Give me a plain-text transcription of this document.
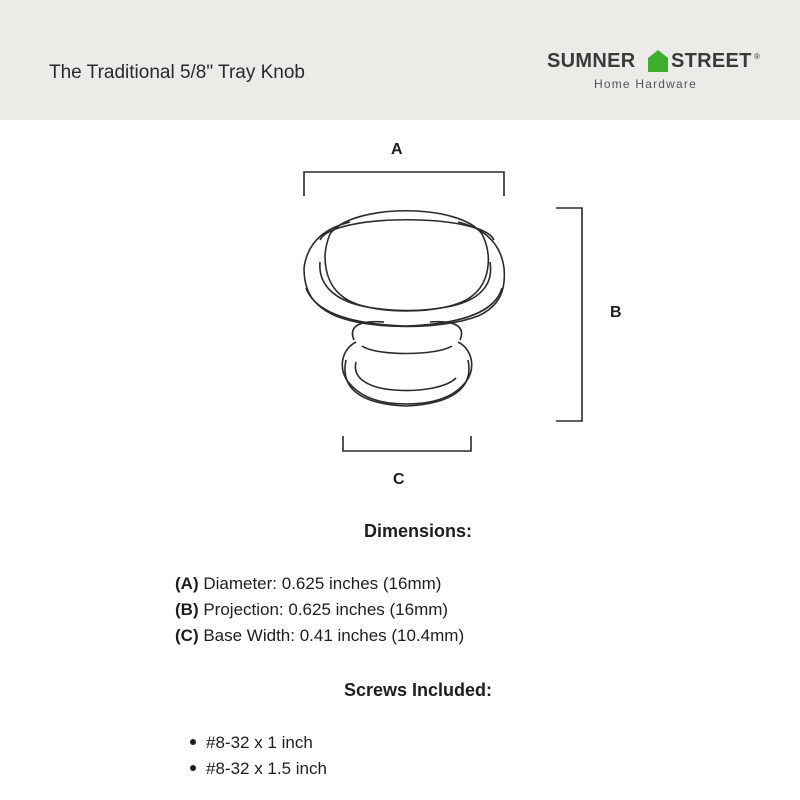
The Traditional 5/8" Tray Knob
SUMNER STREET ®
Home Hardware
A
B
C
Dimensions:
(A) Diameter: 0.625 inches (16mm)
(B) Projection: 0.625 inches (16mm)
(C) Base Width: 0.41 inches (10.4mm)
Screws Included:
#8-32 x 1 inch
#8-32 x 1.5 inch
